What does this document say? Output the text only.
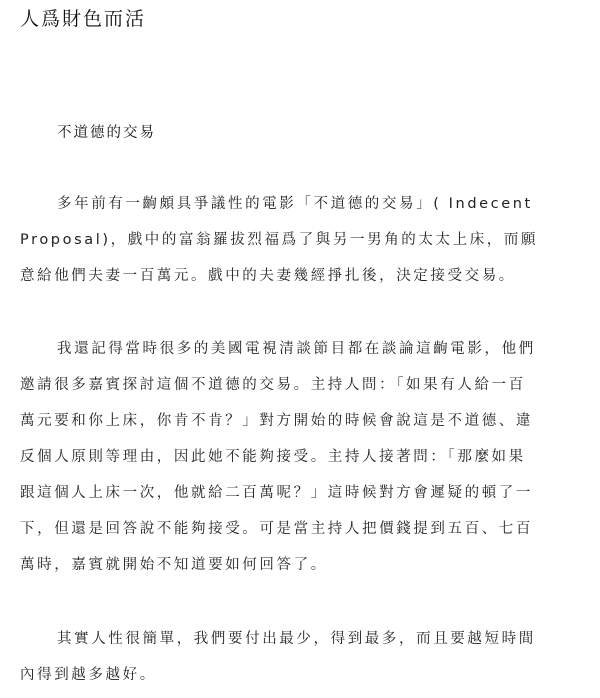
人爲財色而活
不道德的交易
多年前有一齣頗具爭議性的電影「不道德的交易」( Indecent
Proposal)，戲中的富翁羅拔烈福爲了與另一男角的太太上床，而願
意給他們夫妻一百萬元。戲中的夫妻幾經掙扎後，決定接受交易。
我還記得當時很多的美國電視清談節目都在談論這齣電影，他們
邀請很多嘉賓探討這個不道德的交易。主持人問：「如果有人給一百
萬元要和你上床，你肯不肯？」對方開始的時候會說這是不道德、違
反個人原則等理由，因此她不能夠接受。主持人接著問：「那麼如果
跟這個人上床一次，他就給二百萬呢？」這時候對方會遲疑的頓了一
下，但還是回答說不能夠接受。可是當主持人把價錢提到五百、七百
萬時，嘉賓就開始不知道要如何回答了。
其實人性很簡單，我們要付出最少，得到最多，而且要越短時間
內得到越多越好。
